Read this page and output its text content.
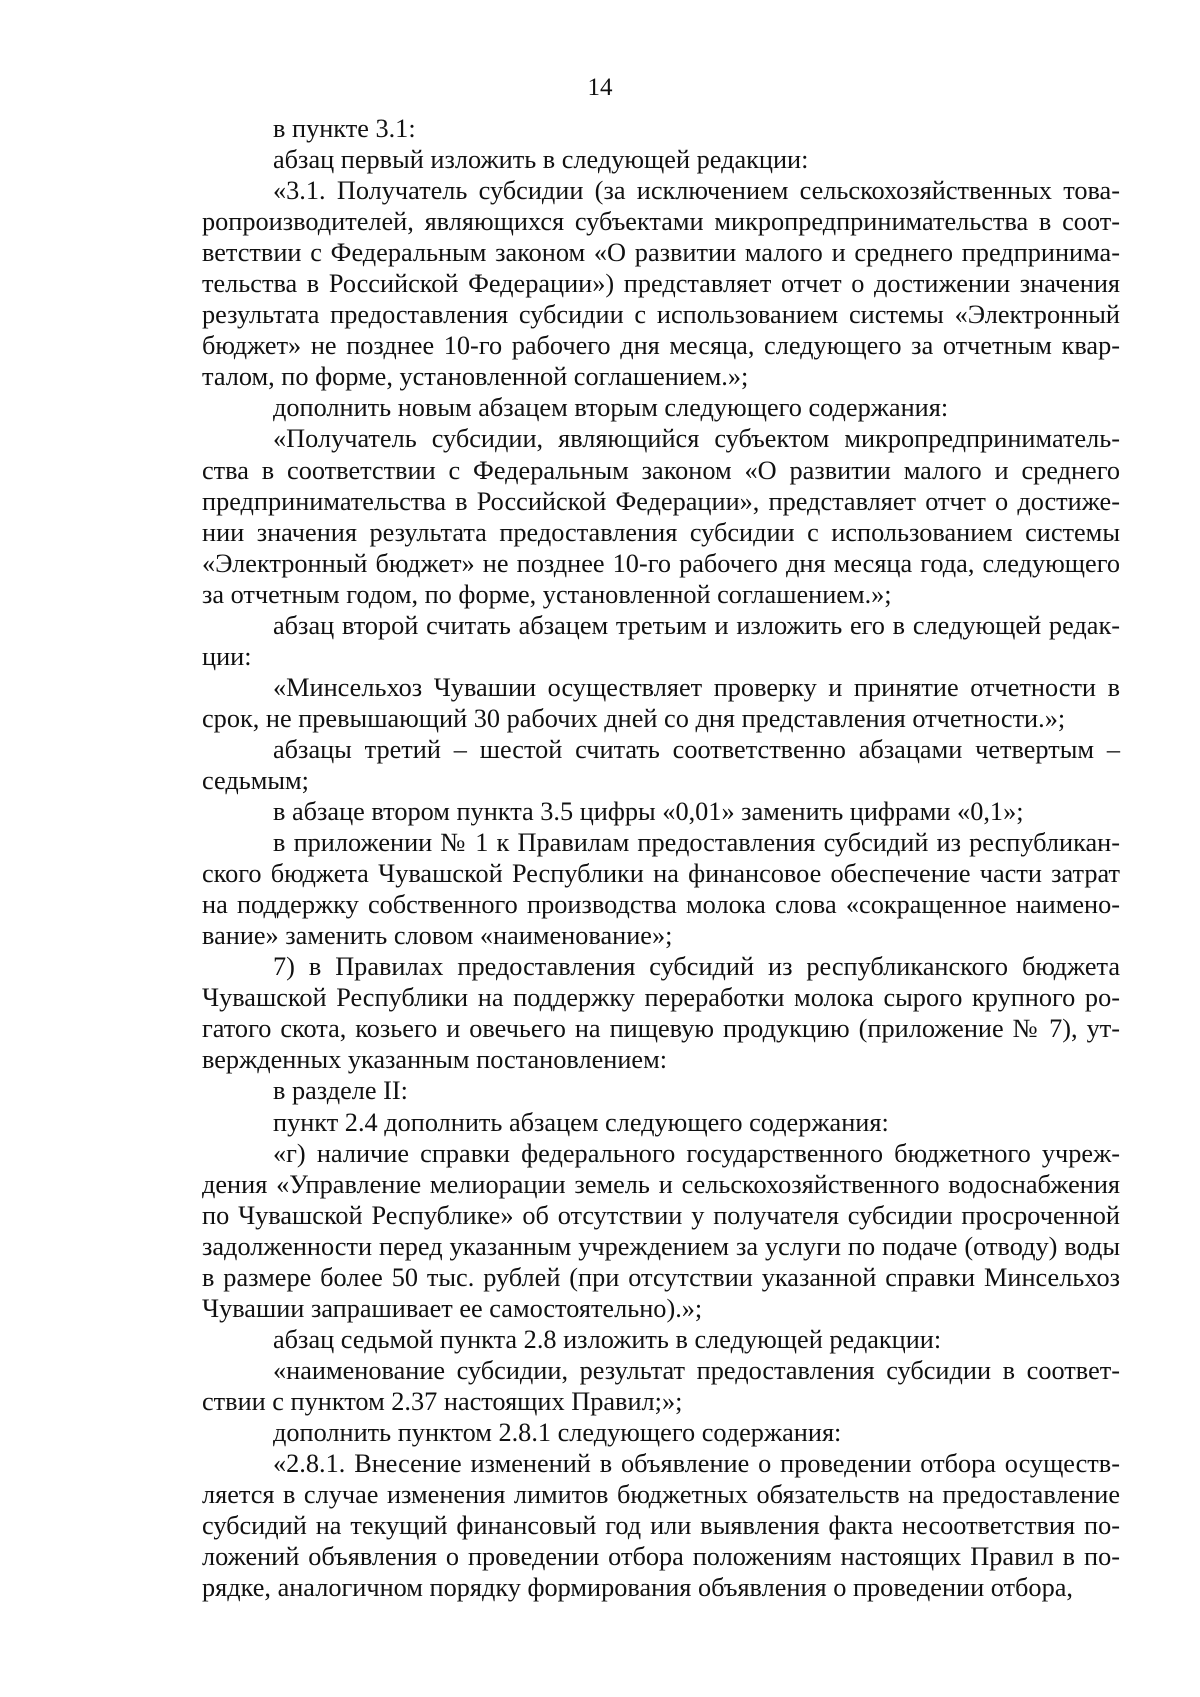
14

в пункте 3.1:

абзац первый изложить в следующей редакции:

«3.1. Получатель субсидии (за исключением сельскохозяйственных товаропроизводителей, являющихся субъектами микропредпринимательства в соответствии с Федеральным законом «О развитии малого и среднего предпринимательства в Российской Федерации») представляет отчет о достижении значения результата предоставления субсидии с использованием системы «Электронный бюджет» не позднее 10-го рабочего дня месяца, следующего за отчетным кварталом, по форме, установленной соглашением.»;

дополнить новым абзацем вторым следующего содержания:

«Получатель субсидии, являющийся субъектом микропредпринимательства в соответствии с Федеральным законом «О развитии малого и среднего предпринимательства в Российской Федерации», представляет отчет о достижении значения результата предоставления субсидии с использованием системы «Электронный бюджет» не позднее 10-го рабочего дня месяца года, следующего за отчетным годом, по форме, установленной соглашением.»;

абзац второй считать абзацем третьим и изложить его в следующей редакции:

«Минсельхоз Чувашии осуществляет проверку и принятие отчетности в срок, не превышающий 30 рабочих дней со дня представления отчетности.»;

абзацы третий – шестой считать соответственно абзацами четвертым – седьмым;

в абзаце втором пункта 3.5 цифры «0,01» заменить цифрами «0,1»;

в приложении № 1 к Правилам предоставления субсидий из республиканского бюджета Чувашской Республики на финансовое обеспечение части затрат на поддержку собственного производства молока слова «сокращенное наименование» заменить словом «наименование»;

7) в Правилах предоставления субсидий из республиканского бюджета Чувашской Республики на поддержку переработки молока сырого крупного рогатого скота, козьего и овечьего на пищевую продукцию (приложение № 7), утвержденных указанным постановлением:

в разделе II:

пункт 2.4 дополнить абзацем следующего содержания:

«г) наличие справки федерального государственного бюджетного учреждения «Управление мелиорации земель и сельскохозяйственного водоснабжения по Чувашской Республике» об отсутствии у получателя субсидии просроченной задолженности перед указанным учреждением за услуги по подаче (отводу) воды в размере более 50 тыс. рублей (при отсутствии указанной справки Минсельхоз Чувашии запрашивает ее самостоятельно).»;

абзац седьмой пункта 2.8 изложить в следующей редакции:

«наименование субсидии, результат предоставления субсидии в соответствии с пунктом 2.37 настоящих Правил;»;

дополнить пунктом 2.8.1 следующего содержания:

«2.8.1. Внесение изменений в объявление о проведении отбора осуществляется в случае изменения лимитов бюджетных обязательств на предоставление субсидий на текущий финансовый год или выявления факта несоответствия положений объявления о проведении отбора положениям настоящих Правил в порядке, аналогичном порядку формирования объявления о проведении отбора,
